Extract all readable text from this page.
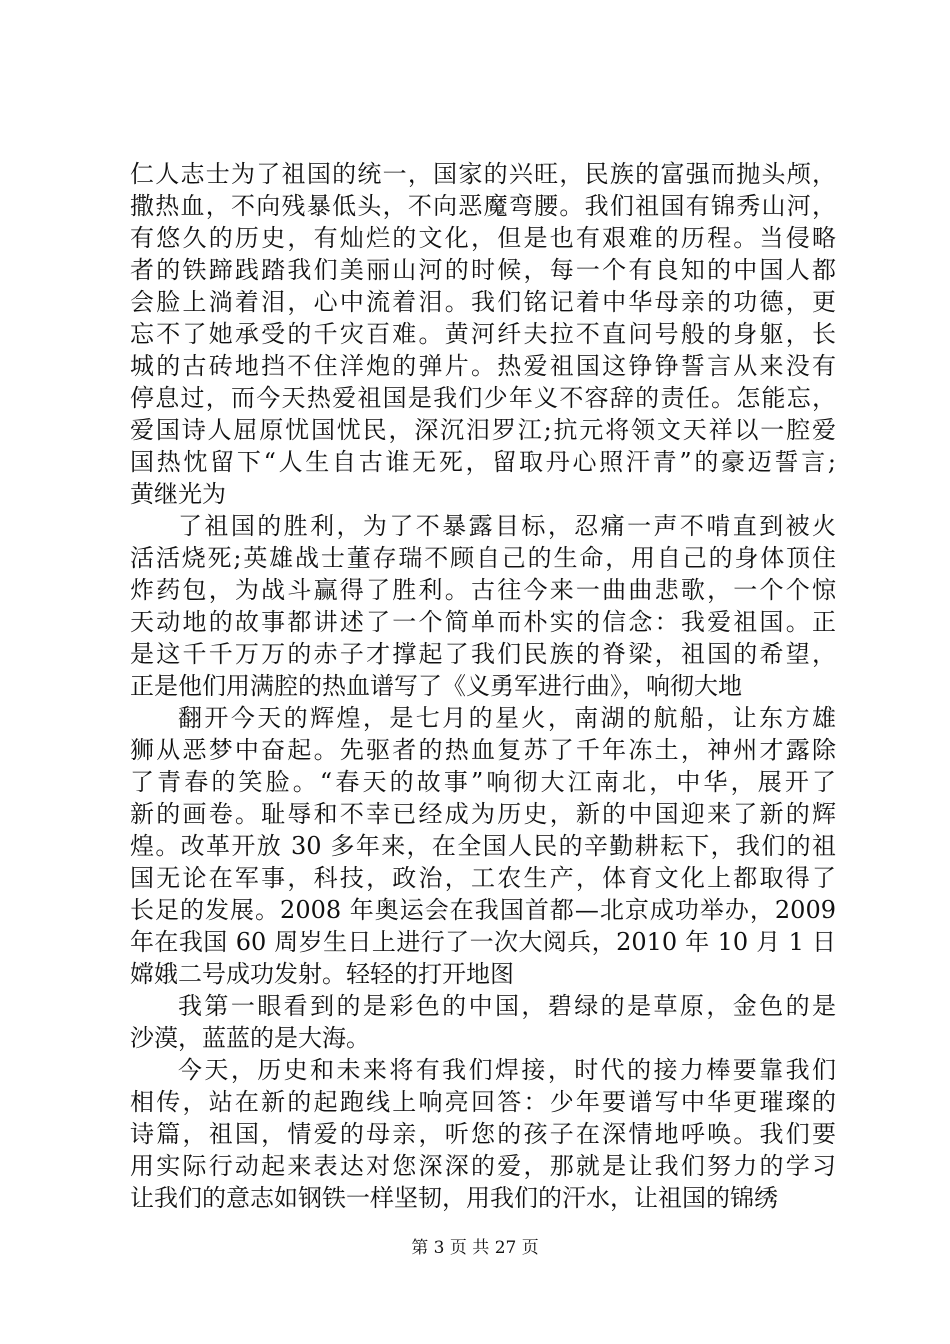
仁人志士为了祖国的统一，国家的兴旺，民族的富强而抛头颅，
撒热血，不向残暴低头，不向恶魔弯腰。我们祖国有锦秀山河，
有悠久的历史，有灿烂的文化，但是也有艰难的历程。当侵略
者的铁蹄践踏我们美丽山河的时候，每一个有良知的中国人都
会脸上淌着泪，心中流着泪。我们铭记着中华母亲的功德，更
忘不了她承受的千灾百难。黄河纤夫拉不直问号般的身躯，长
城的古砖地挡不住洋炮的弹片。热爱祖国这铮铮誓言从来没有
停息过，而今天热爱祖国是我们少年义不容辞的责任。怎能忘，
爱国诗人屈原忧国忧民，深沉汨罗江;抗元将领文天祥以一腔爱
国热忱留下“人生自古谁无死，留取丹心照汗青”的豪迈誓言;
黄继光为
了祖国的胜利，为了不暴露目标，忍痛一声不啃直到被火
活活烧死;英雄战士董存瑞不顾自己的生命，用自己的身体顶住
炸药包，为战斗赢得了胜利。古往今来一曲曲悲歌，一个个惊
天动地的故事都讲述了一个简单而朴实的信念：我爱祖国。正
是这千千万万的赤子才撑起了我们民族的脊梁，祖国的希望，
正是他们用满腔的热血谱写了《义勇军进行曲》，响彻大地
翻开今天的辉煌，是七月的星火，南湖的航船，让东方雄
狮从恶梦中奋起。先驱者的热血复苏了千年冻土，神州才露除
了青春的笑脸。“春天的故事”响彻大江南北，中华，展开了
新的画卷。耻辱和不幸已经成为历史，新的中国迎来了新的辉
煌。改革开放 30 多年来，在全国人民的辛勤耕耘下，我们的祖
国无论在军事，科技，政治，工农生产，体育文化上都取得了
长足的发展。2008 年奥运会在我国首都—北京成功举办，2009
年在我国 60 周岁生日上进行了一次大阅兵，2010 年 10 月 1 日
嫦娥二号成功发射。轻轻的打开地图
我第一眼看到的是彩色的中国，碧绿的是草原，金色的是
沙漠，蓝蓝的是大海。
今天，历史和未来将有我们焊接，时代的接力棒要靠我们
相传，站在新的起跑线上响亮回答：少年要谱写中华更璀璨的
诗篇，祖国，情爱的母亲，听您的孩子在深情地呼唤。我们要
用实际行动起来表达对您深深的爱，那就是让我们努力的学习
让我们的意志如钢铁一样坚韧，用我们的汗水，让祖国的锦绣
第 3 页 共 27 页
